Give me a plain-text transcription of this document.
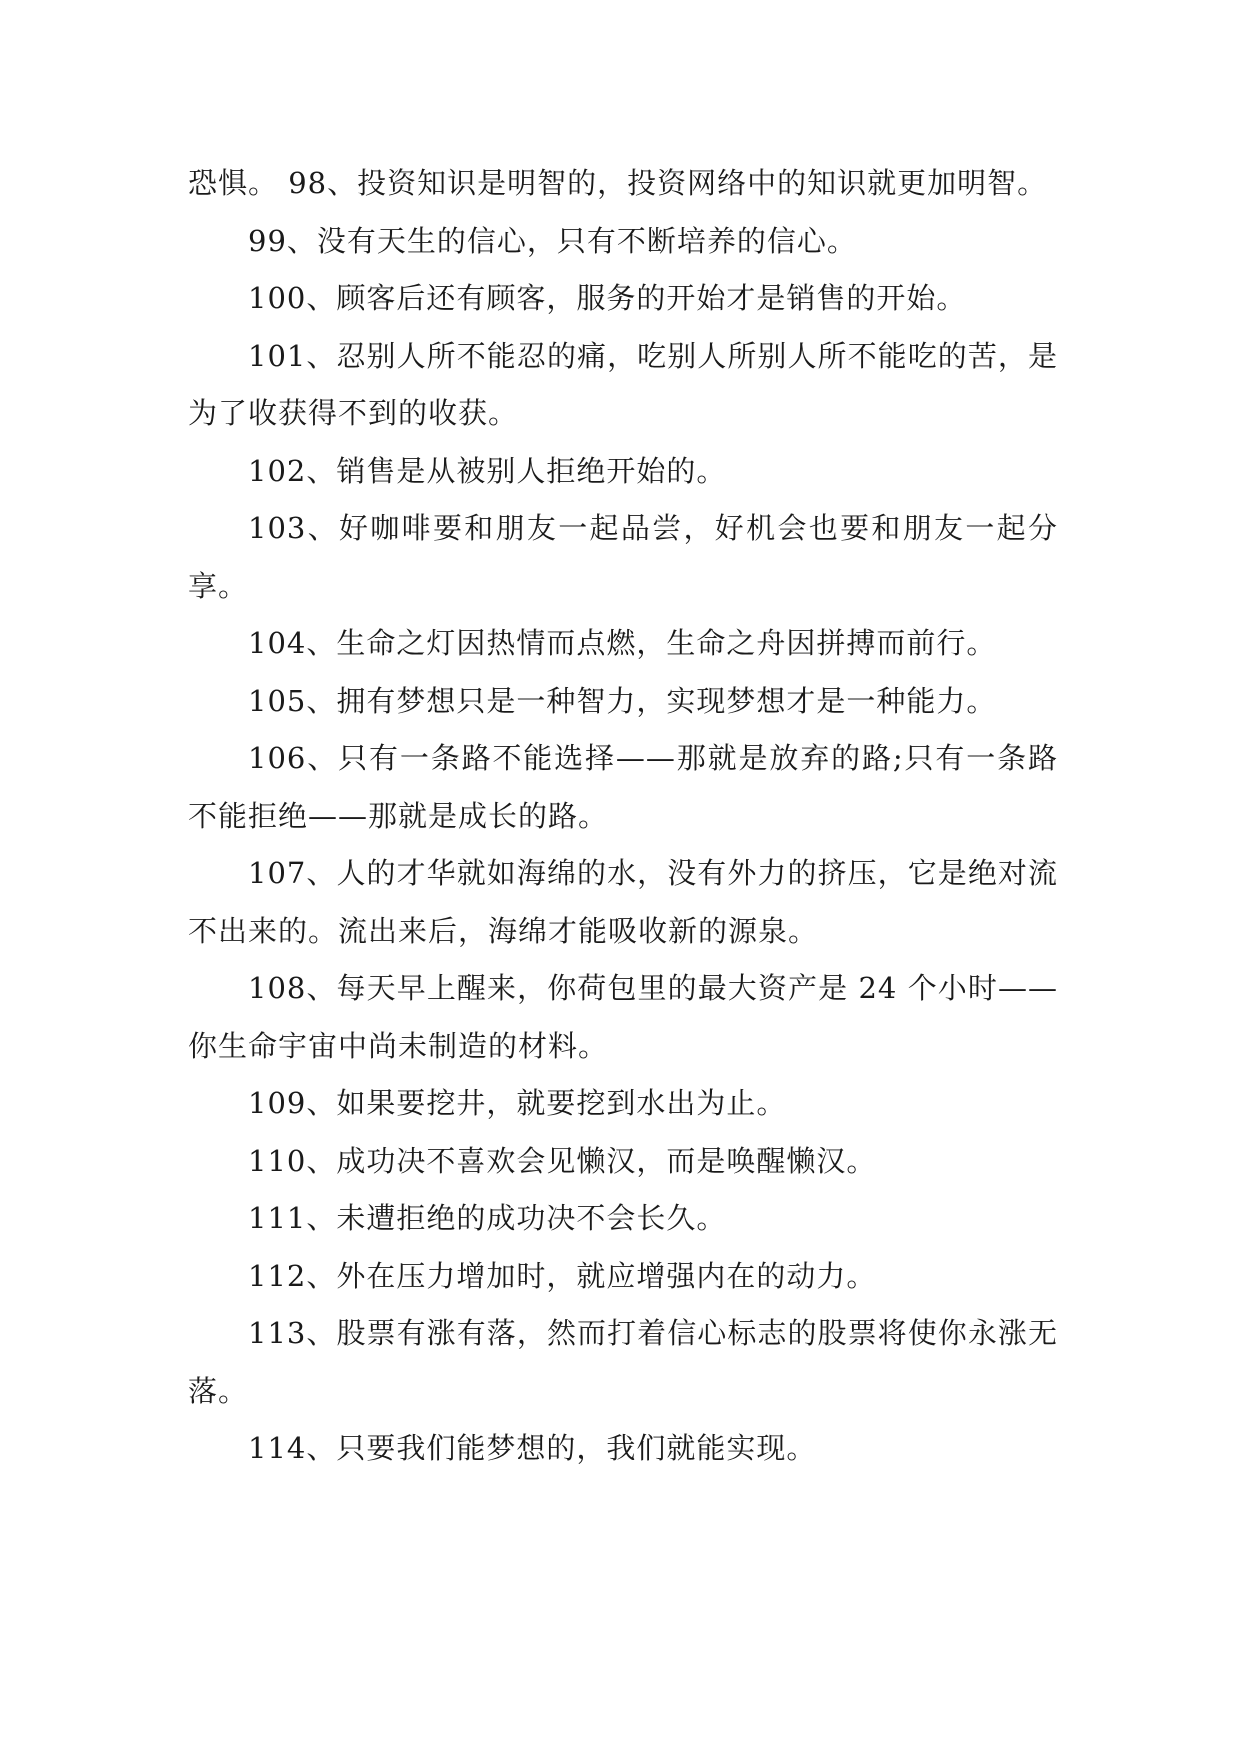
恐惧。 98、投资知识是明智的，投资网络中的知识就更加明智。

99、没有天生的信心，只有不断培养的信心。

100、顾客后还有顾客，服务的开始才是销售的开始。

101、忍别人所不能忍的痛，吃别人所别人所不能吃的苦，是为了收获得不到的收获。

102、销售是从被别人拒绝开始的。

103、好咖啡要和朋友一起品尝，好机会也要和朋友一起分享。

104、生命之灯因热情而点燃，生命之舟因拼搏而前行。

105、拥有梦想只是一种智力，实现梦想才是一种能力。

106、只有一条路不能选择——那就是放弃的路;只有一条路不能拒绝——那就是成长的路。

107、人的才华就如海绵的水，没有外力的挤压，它是绝对流不出来的。流出来后，海绵才能吸收新的源泉。

108、每天早上醒来，你荷包里的最大资产是 24 个小时——你生命宇宙中尚未制造的材料。

109、如果要挖井，就要挖到水出为止。

110、成功决不喜欢会见懒汉，而是唤醒懒汉。

111、未遭拒绝的成功决不会长久。

112、外在压力增加时，就应增强内在的动力。

113、股票有涨有落，然而打着信心标志的股票将使你永涨无落。

114、只要我们能梦想的，我们就能实现。
